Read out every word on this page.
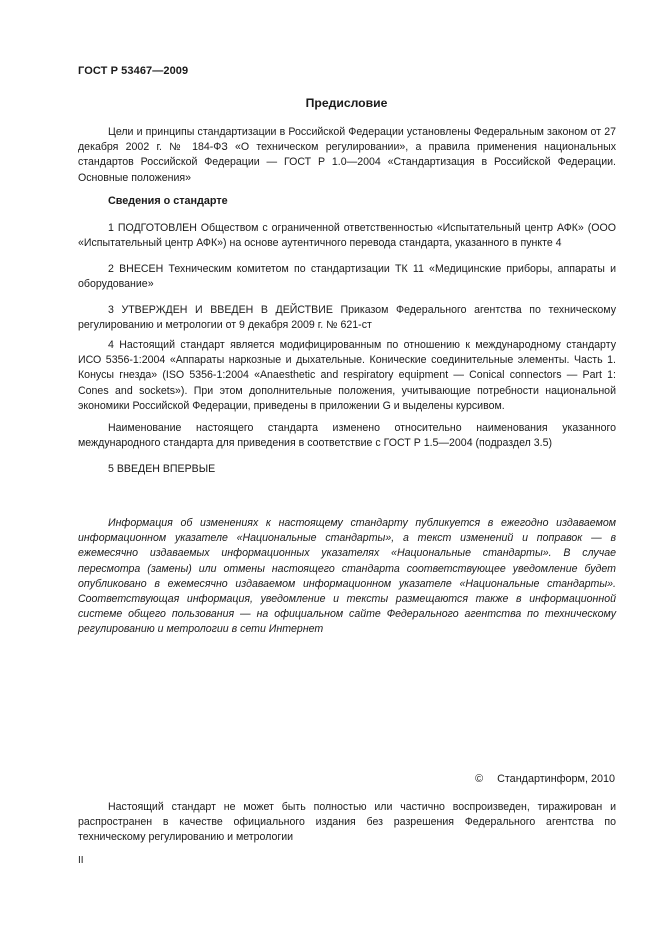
ГОСТ Р 53467—2009
Предисловие

Цели и принципы стандартизации в Российской Федерации установлены Федеральным законом от 27 декабря 2002 г. № 184-ФЗ «О техническом регулировании», а правила применения национальных стандартов Российской Федерации — ГОСТ Р 1.0—2004 «Стандартизация в Российской Федерации. Основные положения»

Сведения о стандарте

1 ПОДГОТОВЛЕН Обществом с ограниченной ответственностью «Испытательный центр АФК» (ООО «Испытательный центр АФК») на основе аутентичного перевода стандарта, указанного в пункте 4

2 ВНЕСЕН Техническим комитетом по стандартизации ТК 11 «Медицинские приборы, аппараты и оборудование»

3 УТВЕРЖДЕН И ВВЕДЕН В ДЕЙСТВИЕ Приказом Федерального агентства по техническому регулированию и метрологии от 9 декабря 2009 г. № 621-ст

4 Настоящий стандарт является модифицированным по отношению к международному стандарту ИСО 5356-1:2004 «Аппараты наркозные и дыхательные. Конические соединительные элементы. Часть 1. Конусы гнезда» (ISO 5356-1:2004 «Anaesthetic and respiratory equipment — Conical connectors — Part 1: Cones and sockets»). При этом дополнительные положения, учитывающие потребности национальной экономики Российской Федерации, приведены в приложении G и выделены курсивом.

Наименование настоящего стандарта изменено относительно наименования указанного международного стандарта для приведения в соответствие с ГОСТ Р 1.5—2004 (подраздел 3.5)

5 ВВЕДЕН ВПЕРВЫЕ

Информация об изменениях к настоящему стандарту публикуется в ежегодно издаваемом информационном указателе «Национальные стандарты», а текст изменений и поправок — в ежемесячно издаваемых информационных указателях «Национальные стандарты». В случае пересмотра (замены) или отмены настоящего стандарта соответствующее уведомление будет опубликовано в ежемесячно издаваемом информационном указателе «Национальные стандарты». Соответствующая информация, уведомление и тексты размещаются также в информационной системе общего пользования — на официальном сайте Федерального агентства по техническому регулированию и метрологии в сети Интернет

© Стандартинформ, 2010

Настоящий стандарт не может быть полностью или частично воспроизведен, тиражирован и распространен в качестве официального издания без разрешения Федерального агентства по техническому регулированию и метрологии

II
